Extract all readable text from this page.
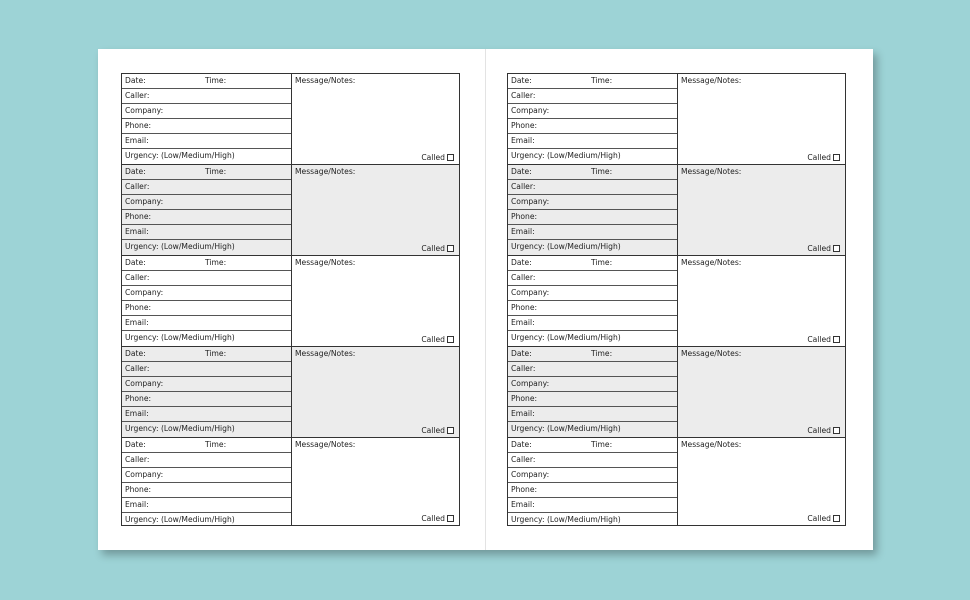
Date:	Time:
Caller:
Company:
Phone:
Email:
Urgency: (Low/Medium/High)
Message/Notes:
Called
Date:	Time:
Caller:
Company:
Phone:
Email:
Urgency: (Low/Medium/High)
Message/Notes:
Called
Date:	Time:
Caller:
Company:
Phone:
Email:
Urgency: (Low/Medium/High)
Message/Notes:
Called
Date:	Time:
Caller:
Company:
Phone:
Email:
Urgency: (Low/Medium/High)
Message/Notes:
Called
Date:	Time:
Caller:
Company:
Phone:
Email:
Urgency: (Low/Medium/High)
Message/Notes:
Called
Date:	Time:
Caller:
Company:
Phone:
Email:
Urgency: (Low/Medium/High)
Message/Notes:
Called
Date:	Time:
Caller:
Company:
Phone:
Email:
Urgency: (Low/Medium/High)
Message/Notes:
Called
Date:	Time:
Caller:
Company:
Phone:
Email:
Urgency: (Low/Medium/High)
Message/Notes:
Called
Date:	Time:
Caller:
Company:
Phone:
Email:
Urgency: (Low/Medium/High)
Message/Notes:
Called
Date:	Time:
Caller:
Company:
Phone:
Email:
Urgency: (Low/Medium/High)
Message/Notes:
Called
